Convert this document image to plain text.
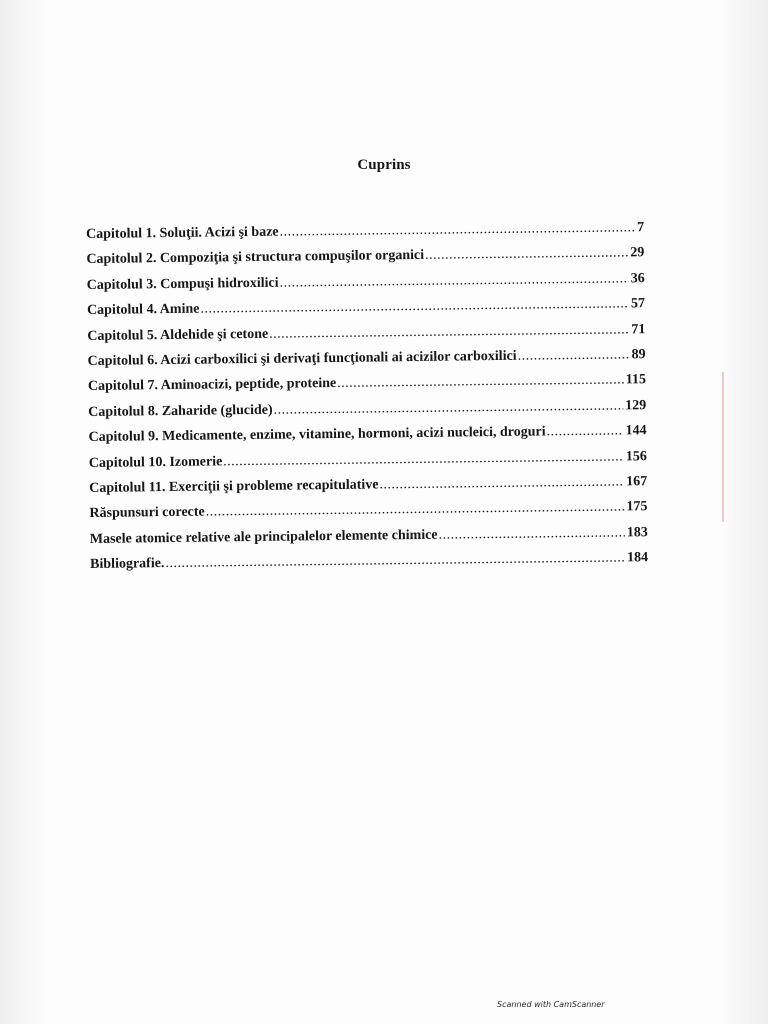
Cuprins
Capitolul 1. Soluţii. Acizi şi baze .....	7
Capitolul 2. Compoziţia şi structura compuşilor organici .....	29
Capitolul 3. Compuşi hidroxilici .....	36
Capitolul 4. Amine .....	57
Capitolul 5. Aldehide şi cetone .....	71
Capitolul 6. Acizi carboxilici şi derivaţi funcţionali ai acizilor carboxilici .....	89
Capitolul 7. Aminoacizi, peptide, proteine .....	115
Capitolul 8. Zaharide (glucide) .....	129
Capitolul 9. Medicamente, enzime, vitamine, hormoni, acizi nucleici, droguri .....	144
Capitolul 10. Izomerie .....	156
Capitolul 11. Exerciţii şi probleme recapitulative .....	167
Răspunsuri corecte .....	175
Masele atomice relative ale principalelor elemente chimice .....	183
Bibliografie. .....	184
Scanned with CamScanner
